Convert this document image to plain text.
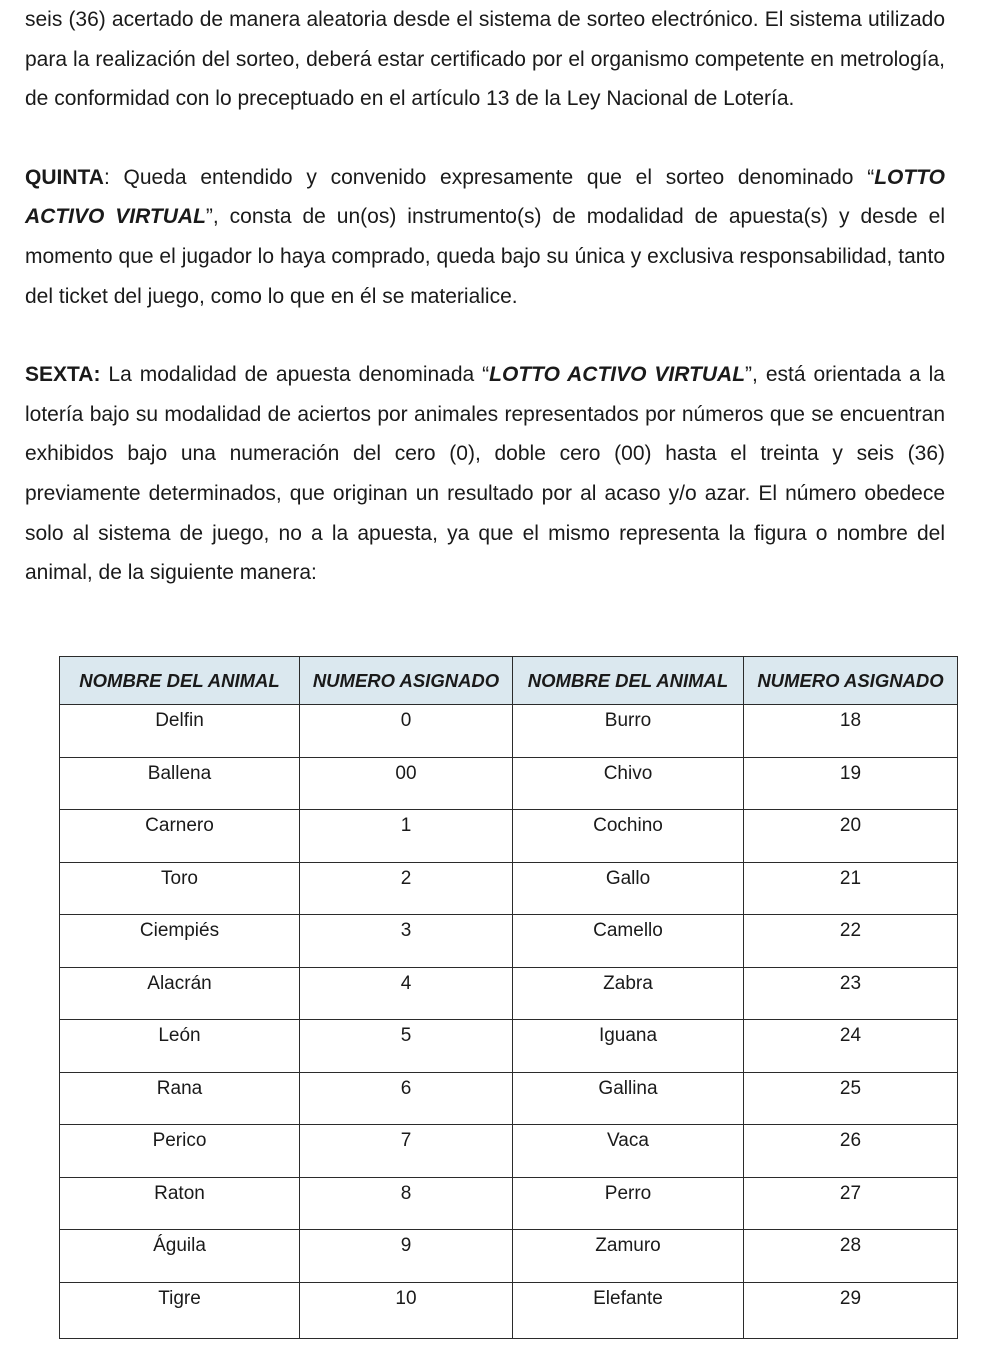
seis (36) acertado de manera aleatoria desde el sistema de sorteo electrónico. El sistema utilizado para la realización del sorteo, deberá estar certificado por el organismo competente en metrología, de conformidad con lo preceptuado en el artículo 13 de la Ley Nacional de Lotería.

QUINTA: Queda entendido y convenido expresamente que el sorteo denominado “LOTTO ACTIVO VIRTUAL”, consta de un(os) instrumento(s) de modalidad de apuesta(s) y desde el momento que el jugador lo haya comprado, queda bajo su única y exclusiva responsabilidad, tanto del ticket del juego, como lo que en él se materialice.

SEXTA: La modalidad de apuesta denominada “LOTTO ACTIVO VIRTUAL”, está orientada a la lotería bajo su modalidad de aciertos por animales representados por números que se encuentran exhibidos bajo una numeración del cero (0), doble cero (00) hasta el treinta y seis (36) previamente determinados, que originan un resultado por al acaso y/o azar. El número obedece solo al sistema de juego, no a la apuesta, ya que el mismo representa la figura o nombre del animal, de la siguiente manera:

NOMBRE DEL ANIMAL	NUMERO ASIGNADO	NOMBRE DEL ANIMAL	NUMERO ASIGNADO
Delfin	0	Burro	18
Ballena	00	Chivo	19
Carnero	1	Cochino	20
Toro	2	Gallo	21
Ciempiés	3	Camello	22
Alacrán	4	Zabra	23
León	5	Iguana	24
Rana	6	Gallina	25
Perico	7	Vaca	26
Raton	8	Perro	27
Águila	9	Zamuro	28
Tigre	10	Elefante	29
